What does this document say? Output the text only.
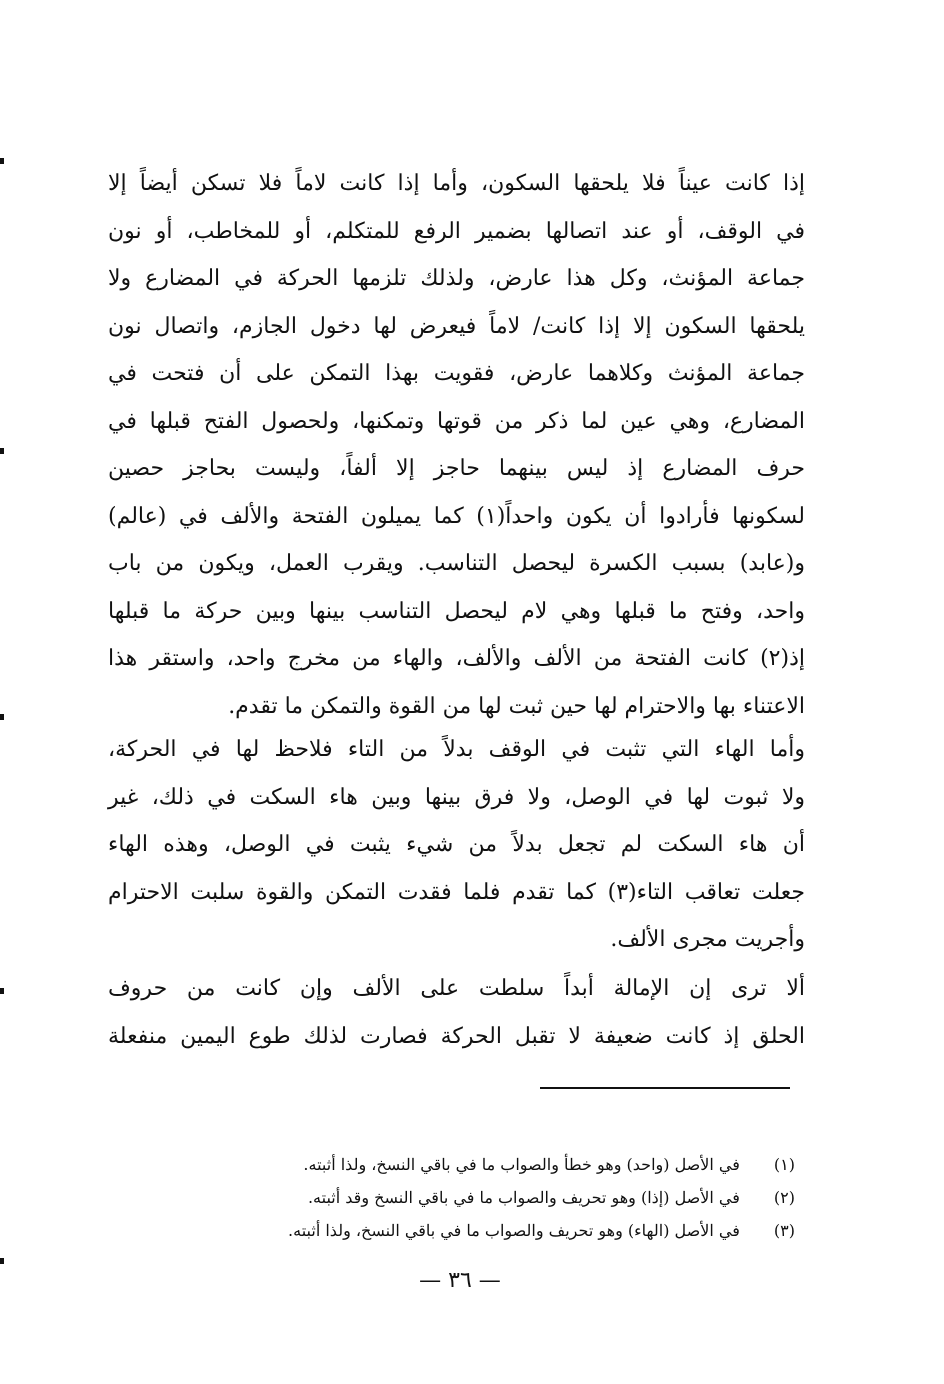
إذا كانت عيناً فلا يلحقها السكون، وأما إذا كانت لاماً فلا تسكن أيضاً إلا
في الوقف، أو عند اتصالها بضمير الرفع للمتكلم، أو للمخاطب، أو نون
جماعة المؤنث، وكل هذا عارض، ولذلك تلزمها الحركة في المضارع ولا
يلحقها السكون إلا إذا كانت/ لاماً فيعرض لها دخول الجازم، واتصال نون
جماعة المؤنث وكلاهما عارض، فقويت بهذا التمكن على أن فتحت في
المضارع، وهي عين لما ذكر من قوتها وتمكنها، ولحصول الفتح قبلها في
حرف المضارع إذ ليس بينهما حاجز إلا ألفاً، وليست بحاجز حصين
لسكونها فأرادوا أن يكون واحداً(١) كما يميلون الفتحة والألف في (عالم)
و(عابد) بسبب الكسرة ليحصل التناسب. ويقرب العمل، ويكون من باب
واحد، وفتح ما قبلها وهي لام ليحصل التناسب بينها وبين حركة ما قبلها
إذ(٢) كانت الفتحة من الألف والألف، والهاء من مخرج واحد، واستقر هذا
الاعتناء بها والاحترام لها حين ثبت لها من القوة والتمكن ما تقدم.
وأما الهاء التي تثبت في الوقف بدلاً من التاء فلاحظ لها في الحركة،
ولا ثبوت لها في الوصل، ولا فرق بينها وبين هاء السكت في ذلك، غير
أن هاء السكت لم تجعل بدلاً من شيء يثبت في الوصل، وهذه الهاء
جعلت تعاقب التاء(٣) كما تقدم فلما فقدت التمكن والقوة سلبت الاحترام
وأجريت مجرى الألف.
ألا ترى إن الإمالة أبداً سلطت على الألف وإن كانت من حروف
الحلق إذ كانت ضعيفة لا تقبل الحركة فصارت لذلك طوع اليمين منفعلة
(١) في الأصل (واحد) وهو خطأ والصواب ما في باقي النسخ، ولذا أثبته.
(٢) في الأصل (إذا) وهو تحريف والصواب ما في باقي النسخ وقد أثبته.
(٣) في الأصل (الهاء) وهو تحريف والصواب ما في باقي النسخ، ولذا أثبته.
— ٣٦ —
